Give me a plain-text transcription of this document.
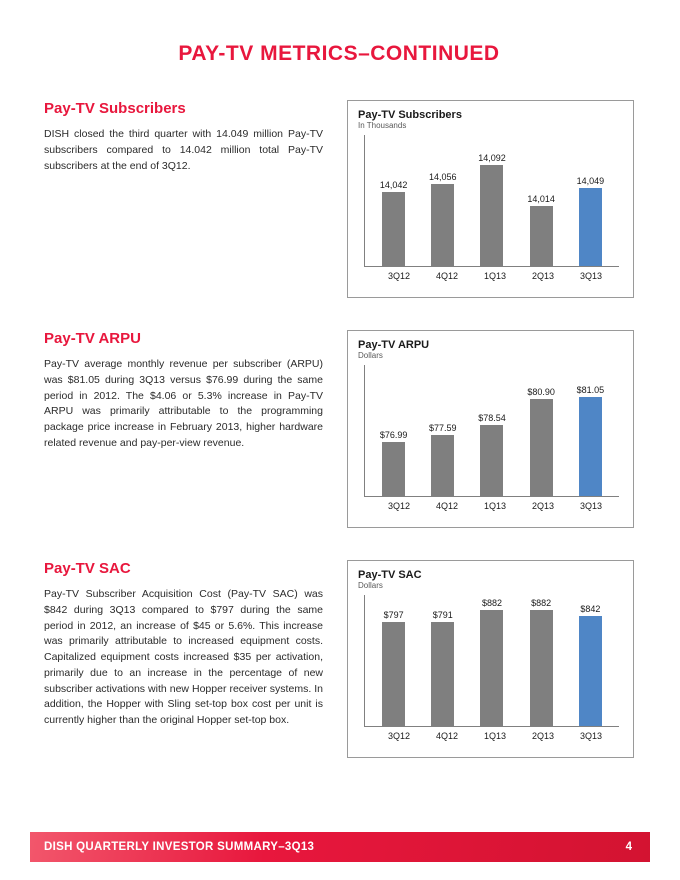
PAY-TV METRICS–CONTINUED
Pay-TV Subscribers
DISH closed the third quarter with 14.049 million Pay-TV subscribers compared to 14.042 million total Pay-TV subscribers at the end of 3Q12.
Pay-TV Subscribers
In Thousands
14,042
14,056
14,092
14,014
14,049
3Q12	4Q12	1Q13	2Q13	3Q13
Pay-TV ARPU
Pay-TV average monthly revenue per subscriber (ARPU) was $81.05 during 3Q13 versus $76.99 during the same period in 2012. The $4.06 or 5.3% increase in Pay-TV ARPU was primarily attributable to the programming package price increase in February 2013, higher hardware related revenue and pay-per-view revenue.
Pay-TV ARPU
Dollars
$76.99
$77.59
$78.54
$80.90 $81.05
3Q12	4Q12	1Q13	2Q13	3Q13
Pay-TV SAC
Pay-TV Subscriber Acquisition Cost (Pay-TV SAC) was $842 during 3Q13 compared to $797 during the same period in 2012, an increase of $45 or 5.6%. This increase was primarily attributable to increased equipment costs. Capitalized equipment costs increased $35 per activation, primarily due to an increase in the percentage of new subscriber activations with new Hopper receiver systems. In addition, the Hopper with Sling set-top box cost per unit is currently higher than the original Hopper set-top box.
Pay-TV SAC
Dollars
$797	$791
$882	$882
$842
3Q12	4Q12	1Q13	2Q13	3Q13
DISH QUARTERLY INVESTOR SUMMARY–3Q13	4
